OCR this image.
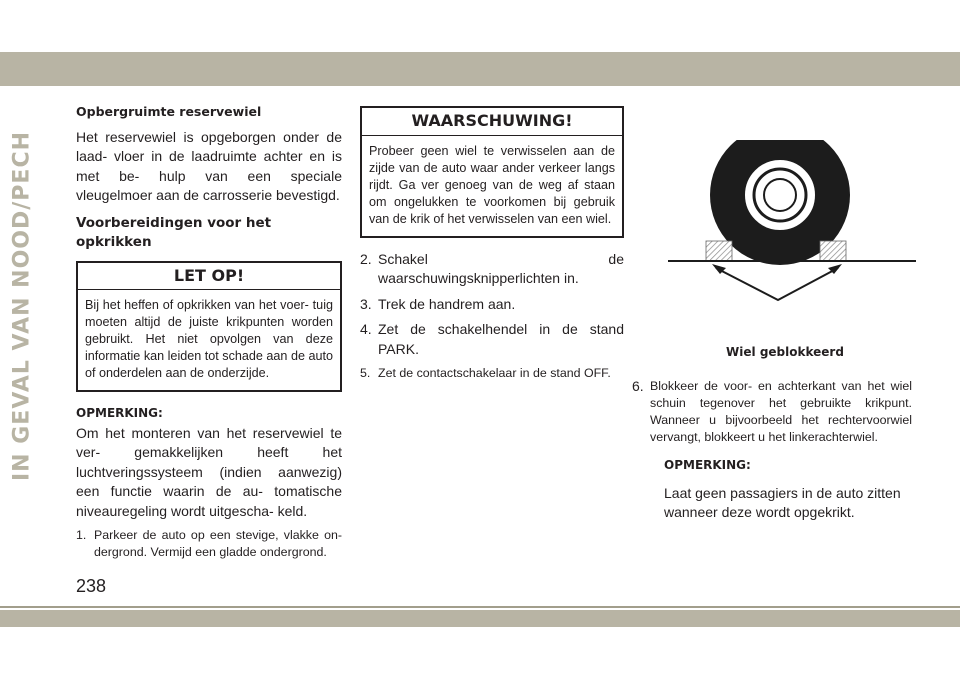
IN GEVAL VAN NOOD/PECH
Opbergruimte reservewiel

Het reservewiel is opgeborgen onder de laad- vloer in de laadruimte achter en is met be- hulp van een speciale vleugelmoer aan de carrosserie bevestigd.

Voorbereidingen voor het opkrikken
LET OP!
Bij het heffen of opkrikken van het voer- tuig moeten altijd de juiste krikpunten worden gebruikt. Het niet opvolgen van deze informatie kan leiden tot schade aan de auto of onderdelen aan de onderzijde.
OPMERKING:

Om het monteren van het reservewiel te ver- gemakkelijken heeft het luchtveringssysteem (indien aanwezig) een functie waarin de au- tomatische niveauregeling wordt uitgescha- keld.

1. Parkeer de auto op een stevige, vlakke on- dergrond. Vermijd een gladde ondergrond.
WAARSCHUWING!
Probeer geen wiel te verwisselen aan de zijde van de auto waar ander verkeer langs rijdt. Ga ver genoeg van de weg af staan om ongelukken te voorkomen bij gebruik van de krik of het verwisselen van een wiel.
2. Schakel de waarschuwingsknipperlichten in.
3. Trek de handrem aan.
4. Zet de schakelhendel in de stand PARK.
5. Zet de contactschakelaar in de stand OFF.
Wiel geblokkeerd
6. Blokkeer de voor- en achterkant van het wiel schuin tegenover het gebruikte krikpunt. Wanneer u bijvoorbeeld het rechtervoorwiel vervangt, blokkeert u het linkerachterwiel.
OPMERKING:

Laat geen passagiers in de auto zitten wanneer deze wordt opgekrikt.

238
